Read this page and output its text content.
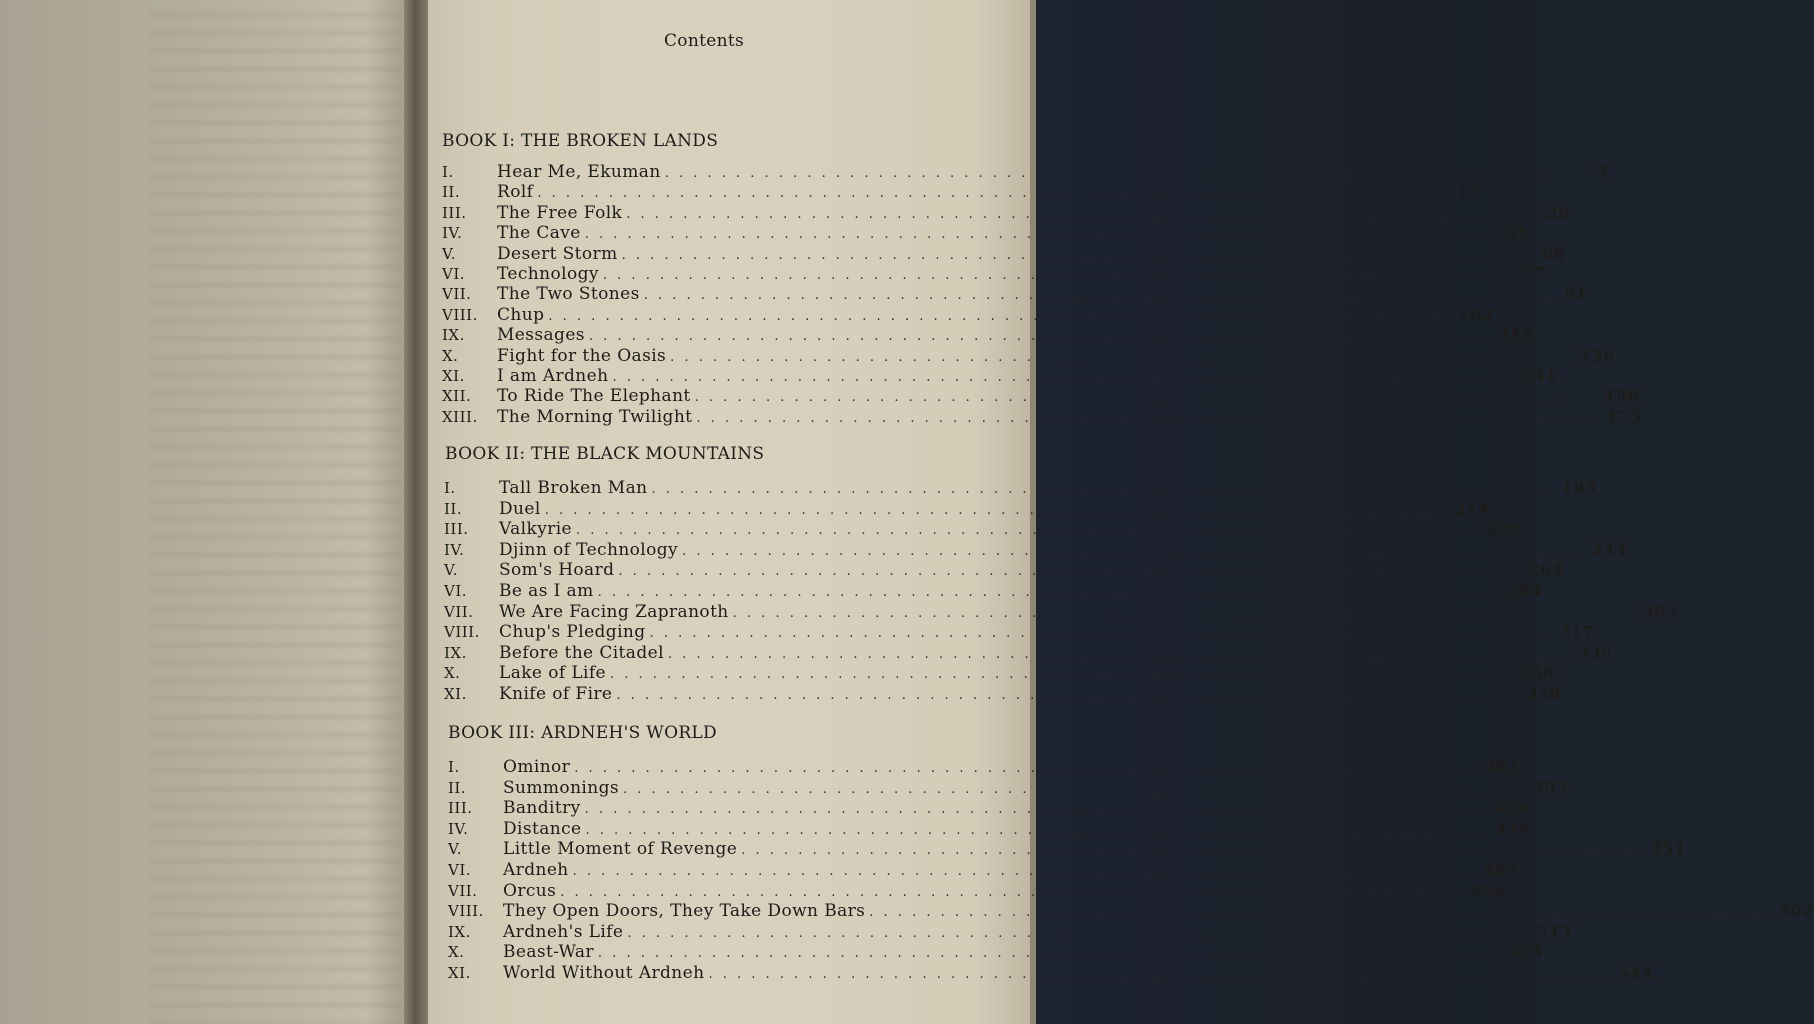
Contents
BOOK I: THE BROKEN LANDS
I.	Hear Me, Ekuman . . . . . . . . . . . . . . . . . . . . . . . . . . . . . . . . . . . . . . . . . . . . . . . . . . . . . . . . . . . . . . . .	3
II.	Rolf . . . . . . . . . . . . . . . . . . . . . . . . . . . . . . . . . . . . . . . . . . . . . . . . . . . . . . . . . . . . . . . . 13
III.	The Free Folk . . . . . . . . . . . . . . . . . . . . . . . . . . . . . . . . . . . . . . . . . . . . . . . . . . . . . . . . . . . . . . . . 29
IV.	The Cave . . . . . . . . . . . . . . . . . . . . . . . . . . . . . . . . . . . . . . . . . . . . . . . . . . . . . . . . . . . . . . . . 51
V.	Desert Storm . . . . . . . . . . . . . . . . . . . . . . . . . . . . . . . . . . . . . . . . . . . . . . . . . . . . . . . . . . . . . . . . 68
VI.	Technology . . . . . . . . . . . . . . . . . . . . . . . . . . . . . . . . . . . . . . . . . . . . . . . . . . . . . . . . . . . . . . . . 77
VII.	The Two Stones . . . . . . . . . . . . . . . . . . . . . . . . . . . . . . . . . . . . . . . . . . . . . . . . . . . . . . . . . . . . . . . . 91
VIII.	Chup . . . . . . . . . . . . . . . . . . . . . . . . . . . . . . . . . . . . . . . . . . . . . . . . . . . . . . . . . . . . . . . . 102
IX.	Messages . . . . . . . . . . . . . . . . . . . . . . . . . . . . . . . . . . . . . . . . . . . . . . . . . . . . . . . . . . . . . . . . 118
X.	Fight for the Oasis . . . . . . . . . . . . . . . . . . . . . . . . . . . . . . . . . . . . . . . . . . . . . . . . . . . . . . . . . . . . . . . . 128
XI.	I am Ardneh . . . . . . . . . . . . . . . . . . . . . . . . . . . . . . . . . . . . . . . . . . . . . . . . . . . . . . . . . . . . . . . . 141
XII.	To Ride The Elephant . . . . . . . . . . . . . . . . . . . . . . . . . . . . . . . . . . . . . . . . . . . . . . . . . . . . . . . . . . . . . . . . 156
XIII.	The Morning Twilight . . . . . . . . . . . . . . . . . . . . . . . . . . . . . . . . . . . . . . . . . . . . . . . . . . . . . . . . . . . . . . . . 175
BOOK II: THE BLACK MOUNTAINS
I.	Tall Broken Man . . . . . . . . . . . . . . . . . . . . . . . . . . . . . . . . . . . . . . . . . . . . . . . . . . . . . . . . . . . . . . . . 195
II.	Duel . . . . . . . . . . . . . . . . . . . . . . . . . . . . . . . . . . . . . . . . . . . . . . . . . . . . . . . . . . . . . . . . 214
III.	Valkyrie . . . . . . . . . . . . . . . . . . . . . . . . . . . . . . . . . . . . . . . . . . . . . . . . . . . . . . . . . . . . . . . . 228
IV.	Djinn of Technology . . . . . . . . . . . . . . . . . . . . . . . . . . . . . . . . . . . . . . . . . . . . . . . . . . . . . . . . . . . . . . . . 244
V.	Som's Hoard . . . . . . . . . . . . . . . . . . . . . . . . . . . . . . . . . . . . . . . . . . . . . . . . . . . . . . . . . . . . . . . . 263
VI.	Be as I am . . . . . . . . . . . . . . . . . . . . . . . . . . . . . . . . . . . . . . . . . . . . . . . . . . . . . . . . . . . . . . . . 284
VII.	We Are Facing Zapranoth . . . . . . . . . . . . . . . . . . . . . . . . . . . . . . . . . . . . . . . . . . . . . . . . . . . . . . . . . . . . . . . . 305
VIII.	Chup's Pledging . . . . . . . . . . . . . . . . . . . . . . . . . . . . . . . . . . . . . . . . . . . . . . . . . . . . . . . . . . . . . . . . 317
IX.	Before the Citadel . . . . . . . . . . . . . . . . . . . . . . . . . . . . . . . . . . . . . . . . . . . . . . . . . . . . . . . . . . . . . . . . 339
X.	Lake of Life . . . . . . . . . . . . . . . . . . . . . . . . . . . . . . . . . . . . . . . . . . . . . . . . . . . . . . . . . . . . . . . . 350
XI.	Knife of Fire . . . . . . . . . . . . . . . . . . . . . . . . . . . . . . . . . . . . . . . . . . . . . . . . . . . . . . . . . . . . . . . . 358
BOOK III: ARDNEH'S WORLD
I.	Ominor . . . . . . . . . . . . . . . . . . . . . . . . . . . . . . . . . . . . . . . . . . . . . . . . . . . . . . . . . . . . . . . . 383
II.	Summonings . . . . . . . . . . . . . . . . . . . . . . . . . . . . . . . . . . . . . . . . . . . . . . . . . . . . . . . . . . . . . . . . 395
III.	Banditry . . . . . . . . . . . . . . . . . . . . . . . . . . . . . . . . . . . . . . . . . . . . . . . . . . . . . . . . . . . . . . . . 406
IV.	Distance . . . . . . . . . . . . . . . . . . . . . . . . . . . . . . . . . . . . . . . . . . . . . . . . . . . . . . . . . . . . . . . . 434
V.	Little Moment of Revenge . . . . . . . . . . . . . . . . . . . . . . . . . . . . . . . . . . . . . . . . . . . . . . . . . . . . . . . . . . . . . . . . 451
VI.	Ardneh . . . . . . . . . . . . . . . . . . . . . . . . . . . . . . . . . . . . . . . . . . . . . . . . . . . . . . . . . . . . . . . . 465
VII.	Orcus . . . . . . . . . . . . . . . . . . . . . . . . . . . . . . . . . . . . . . . . . . . . . . . . . . . . . . . . . . . . . . . . 486
VIII.	They Open Doors, They Take Down Bars . . . . . . . . . . . . . . . . . . . . . . . . . . . . . . . . . . . . . . . . . . . . . . . . . . . . . . . . . . . . . . . . 502
IX.	Ardneh's Life . . . . . . . . . . . . . . . . . . . . . . . . . . . . . . . . . . . . . . . . . . . . . . . . . . . . . . . . . . . . . . . . 513
X.	Beast-War . . . . . . . . . . . . . . . . . . . . . . . . . . . . . . . . . . . . . . . . . . . . . . . . . . . . . . . . . . . . . . . . 523
XI.	World Without Ardneh . . . . . . . . . . . . . . . . . . . . . . . . . . . . . . . . . . . . . . . . . . . . . . . . . . . . . . . . . . . . . . . . 544
